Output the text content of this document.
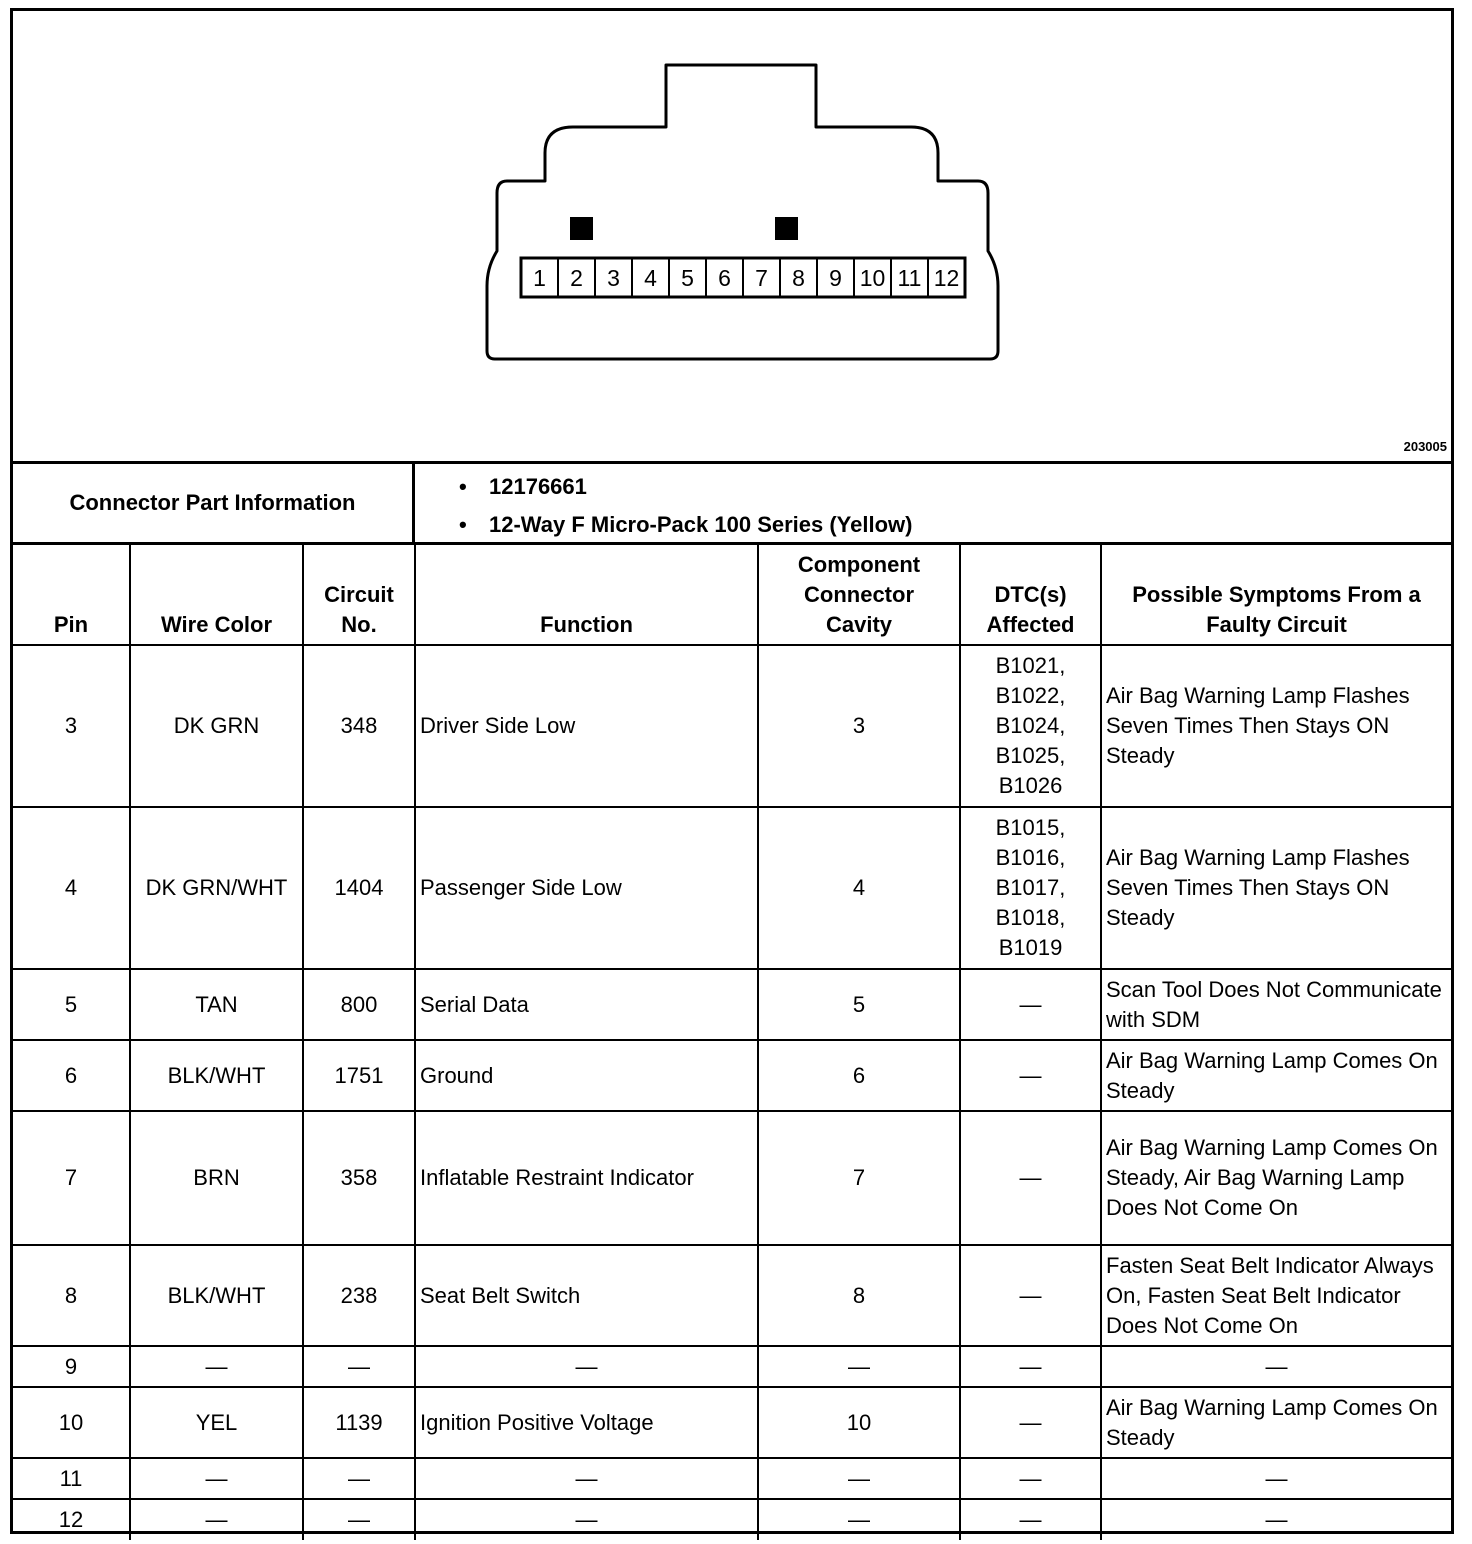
1 2 3 4 5 6 7 8 9 10 11 12
203005
Connector Part Information
• 12176661
• 12-Way F Micro-Pack 100 Series (Yellow)
Pin	Wire Color	Circuit No.	Function	Component Connector Cavity	DTC(s) Affected	Possible Symptoms From a Faulty Circuit
3	DK GRN	348	Driver Side Low	3	B1021, B1022, B1024, B1025, B1026	Air Bag Warning Lamp Flashes Seven Times Then Stays ON Steady
4	DK GRN/WHT	1404	Passenger Side Low	4	B1015, B1016, B1017, B1018, B1019	Air Bag Warning Lamp Flashes Seven Times Then Stays ON Steady
5	TAN	800	Serial Data	5	—	Scan Tool Does Not Communicate with SDM
6	BLK/WHT	1751	Ground	6	—	Air Bag Warning Lamp Comes On Steady
7	BRN	358	Inflatable Restraint Indicator	7	—	Air Bag Warning Lamp Comes On Steady, Air Bag Warning Lamp Does Not Come On
8	BLK/WHT	238	Seat Belt Switch	8	—	Fasten Seat Belt Indicator Always On, Fasten Seat Belt Indicator Does Not Come On
9	—	—	—	—	—	—
10	YEL	1139	Ignition Positive Voltage	10	—	Air Bag Warning Lamp Comes On Steady
11	—	—	—	—	—	—
12	—	—	—	—	—	—
